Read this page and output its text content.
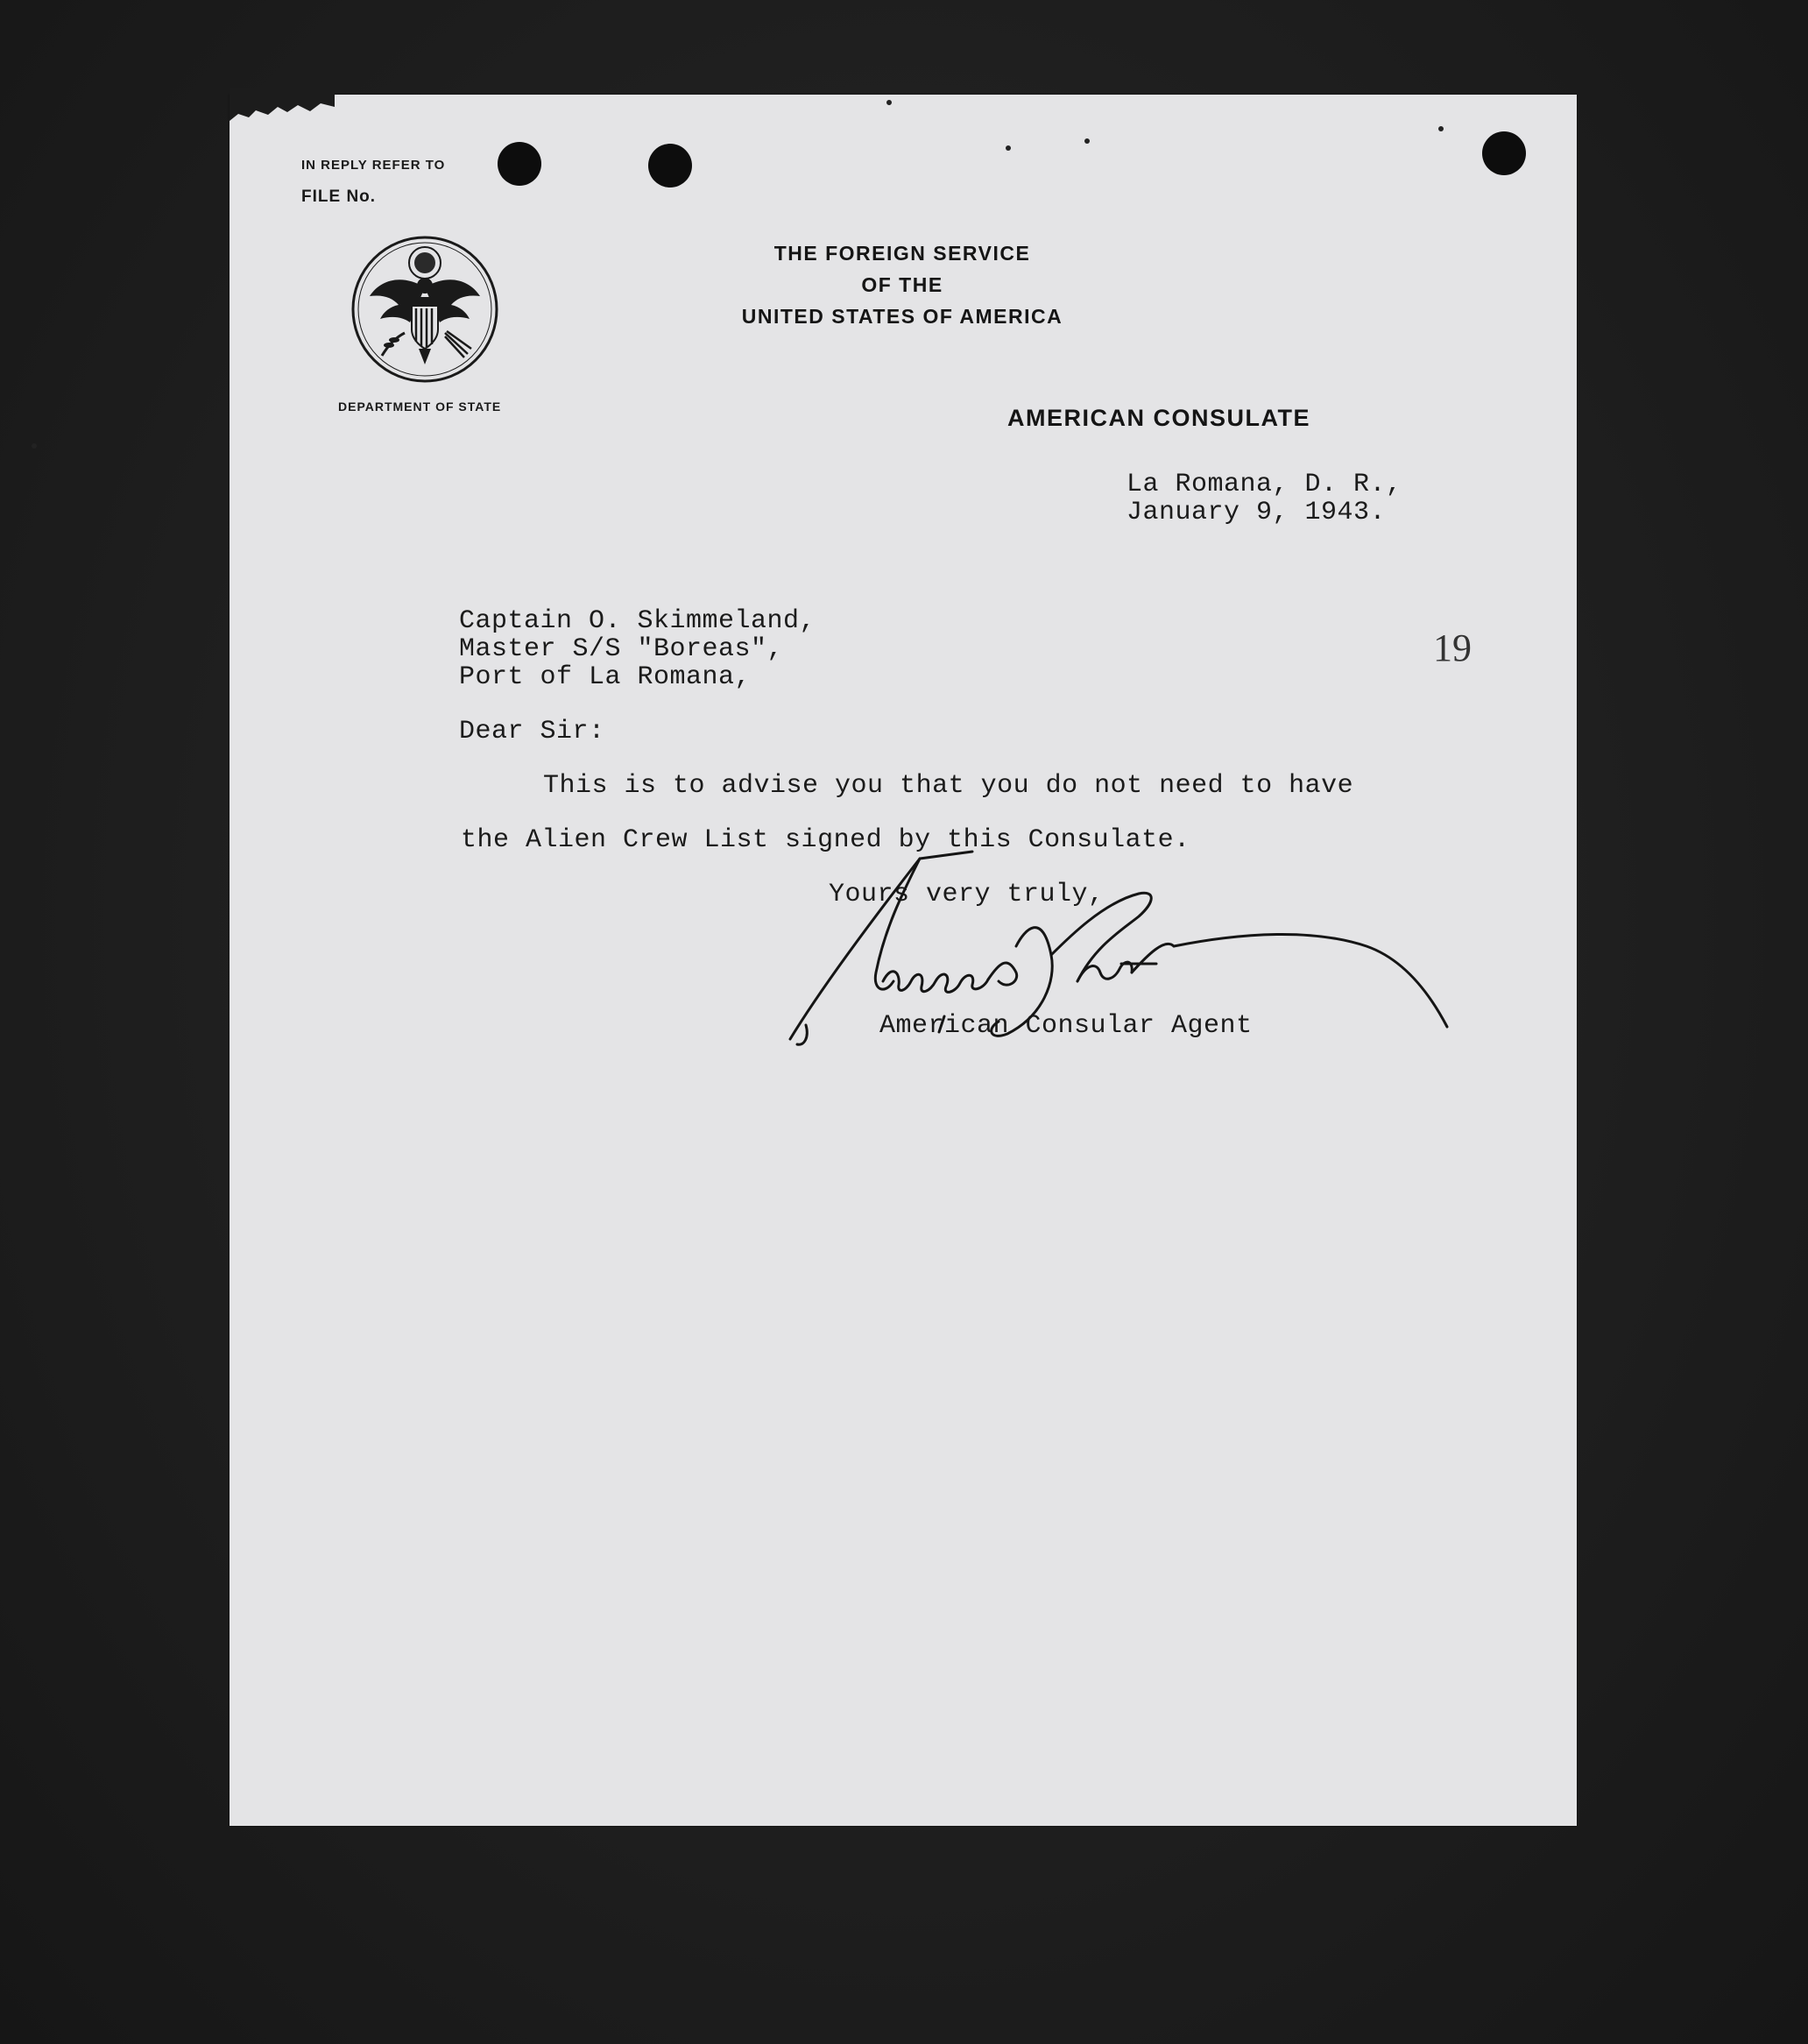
IN REPLY REFER TO
FILE No.
DEPARTMENT OF STATE
THE FOREIGN SERVICE
OF THE
UNITED STATES OF AMERICA
AMERICAN CONSULATE
La Romana, D. R.,
January 9, 1943.
Captain O. Skimmeland,
Master S/S "Boreas",
Port of La Romana,
19
Dear Sir:
This is to advise you that you do not need to have
the Alien Crew List signed by this Consulate.
Yours very truly,
American Consular Agent
